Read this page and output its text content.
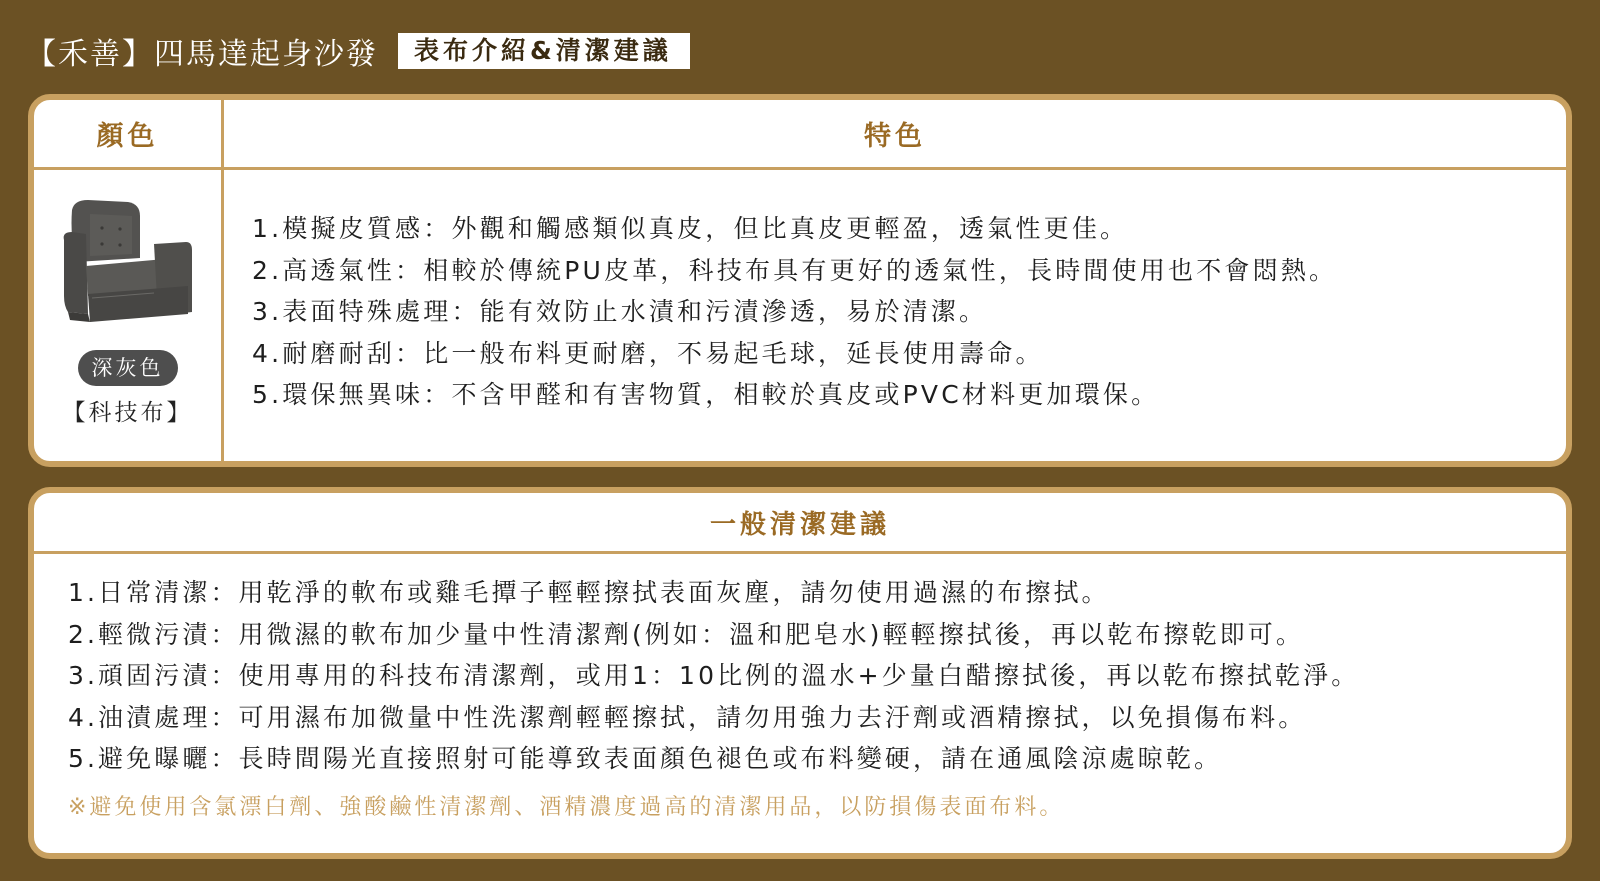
【禾善】四馬達起身沙發	表布介紹&清潔建議
顏色	特色
深灰色
【科技布】
1.模擬皮質感：外觀和觸感類似真皮，但比真皮更輕盈，透氣性更佳。
2.高透氣性：相較於傳統PU皮革，科技布具有更好的透氣性，長時間使用也不會悶熱。
3.表面特殊處理：能有效防止水漬和污漬滲透，易於清潔。
4.耐磨耐刮：比一般布料更耐磨，不易起毛球，延長使用壽命。
5.環保無異味：不含甲醛和有害物質，相較於真皮或PVC材料更加環保。
一般清潔建議
1.日常清潔：用乾淨的軟布或雞毛撢子輕輕擦拭表面灰塵，請勿使用過濕的布擦拭。
2.輕微污漬：用微濕的軟布加少量中性清潔劑(例如：溫和肥皂水)輕輕擦拭後，再以乾布擦乾即可。
3.頑固污漬：使用專用的科技布清潔劑，或用1：10比例的溫水+少量白醋擦拭後，再以乾布擦拭乾淨。
4.油漬處理：可用濕布加微量中性洗潔劑輕輕擦拭，請勿用強力去汙劑或酒精擦拭，以免損傷布料。
5.避免曝曬：長時間陽光直接照射可能導致表面顏色褪色或布料變硬，請在通風陰涼處晾乾。
※避免使用含氯漂白劑、強酸鹼性清潔劑、酒精濃度過高的清潔用品，以防損傷表面布料。
